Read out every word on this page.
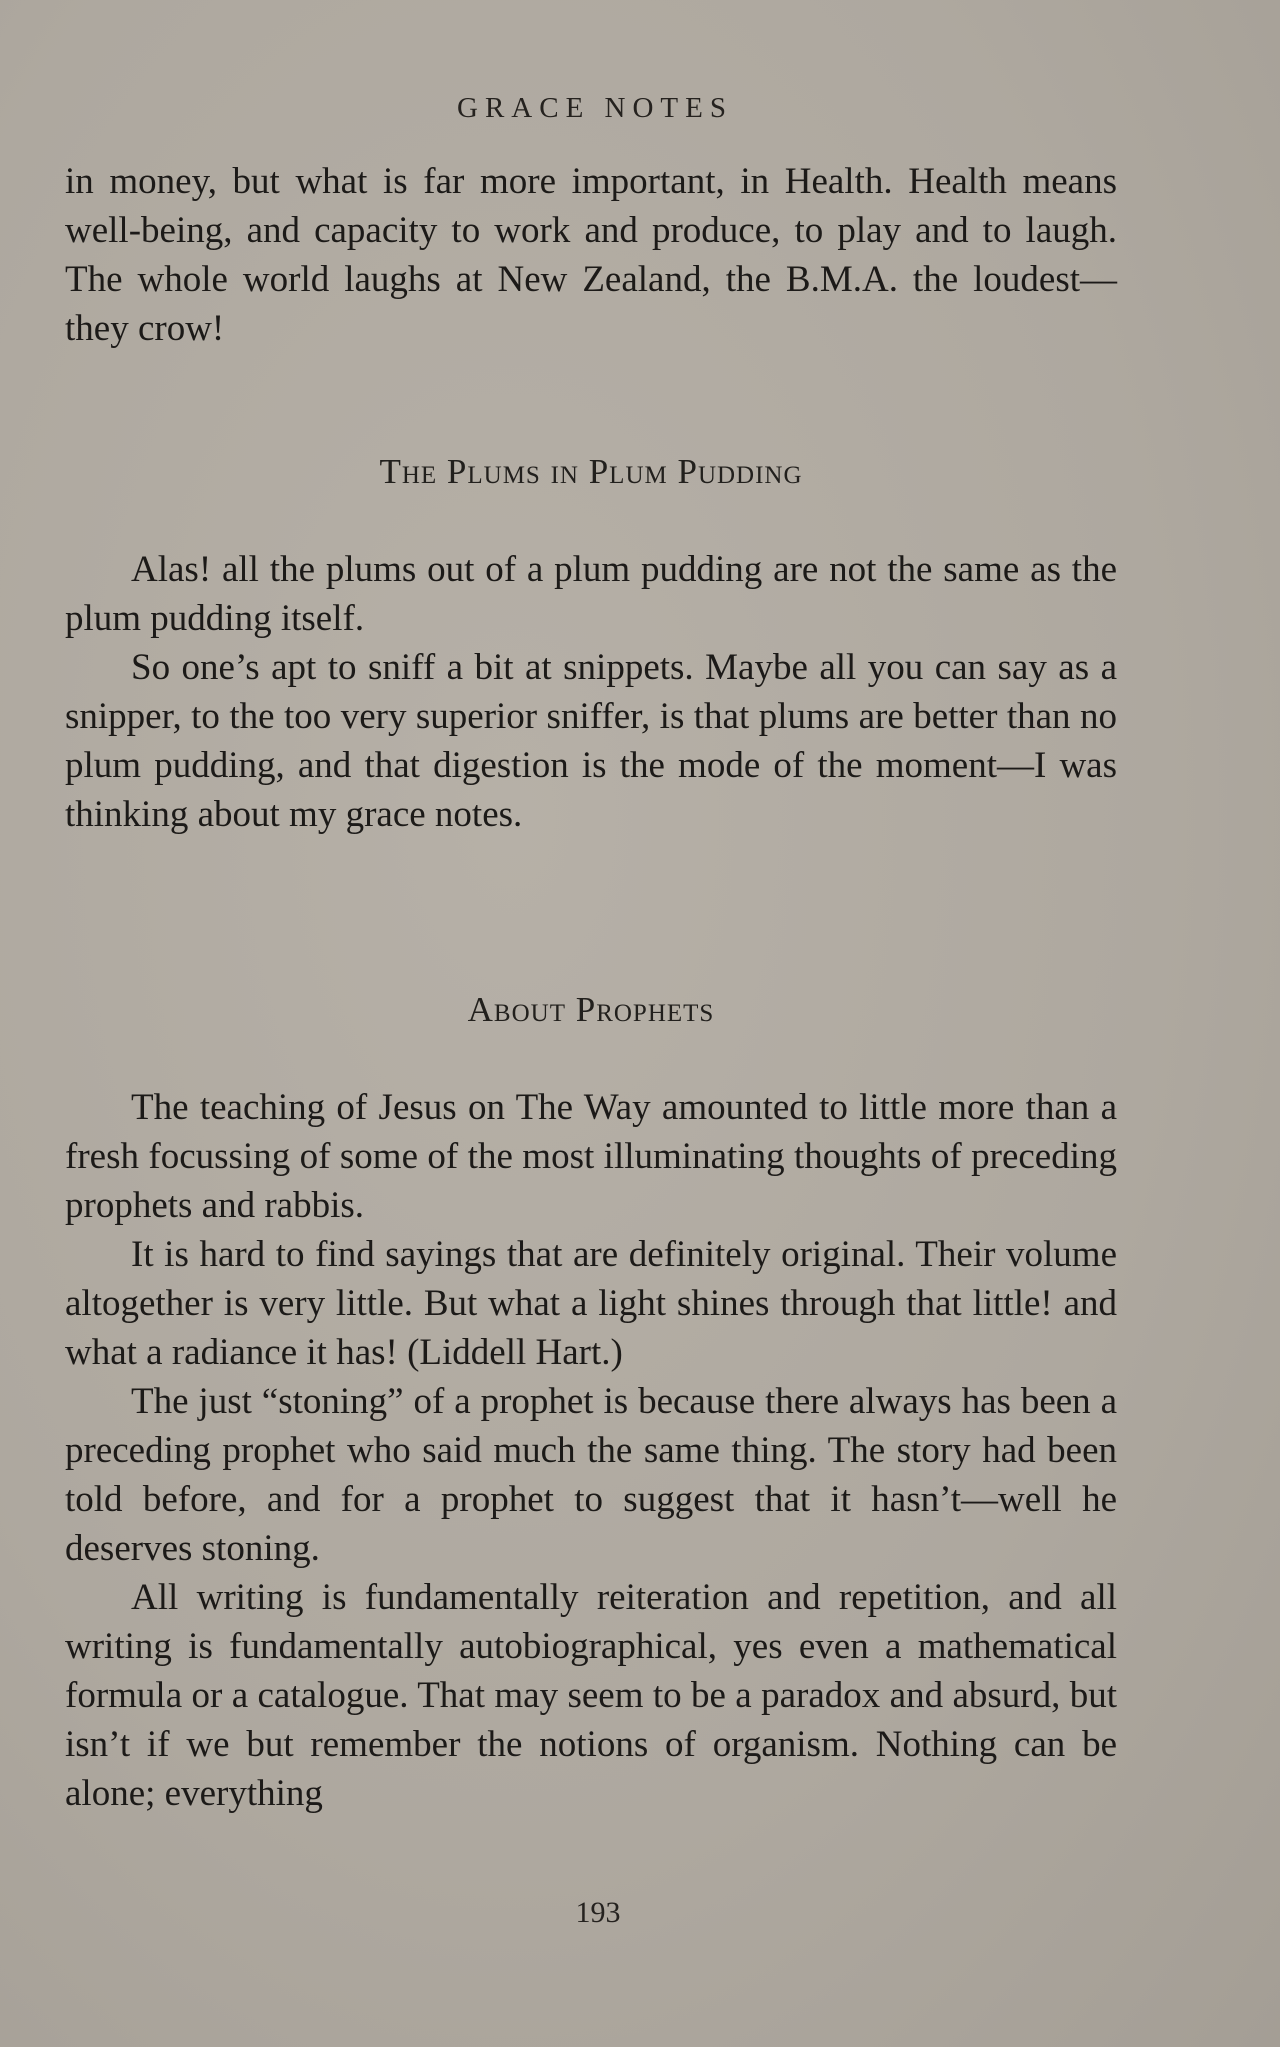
GRACE NOTES

in money, but what is far more important, in Health. Health means well-being, and capacity to work and produce, to play and to laugh. The whole world laughs at New Zealand, the B.M.A. the loudest—they crow!

The Plums in Plum Pudding

Alas! all the plums out of a plum pudding are not the same as the plum pudding itself.

So one’s apt to sniff a bit at snippets. Maybe all you can say as a snipper, to the too very superior sniffer, is that plums are better than no plum pudding, and that digestion is the mode of the moment—I was thinking about my grace notes.

About Prophets

The teaching of Jesus on The Way amounted to little more than a fresh focussing of some of the most illuminating thoughts of preceding prophets and rabbis.

It is hard to find sayings that are definitely original. Their volume altogether is very little. But what a light shines through that little! and what a radiance it has! (Liddell Hart.)

The just “stoning” of a prophet is because there always has been a preceding prophet who said much the same thing. The story had been told before, and for a prophet to suggest that it hasn’t—well he deserves stoning.

All writing is fundamentally reiteration and repetition, and all writing is fundamentally autobiographical, yes even a mathematical formula or a catalogue. That may seem to be a paradox and absurd, but isn’t if we but remember the notions of organism. Nothing can be alone; everything

193
